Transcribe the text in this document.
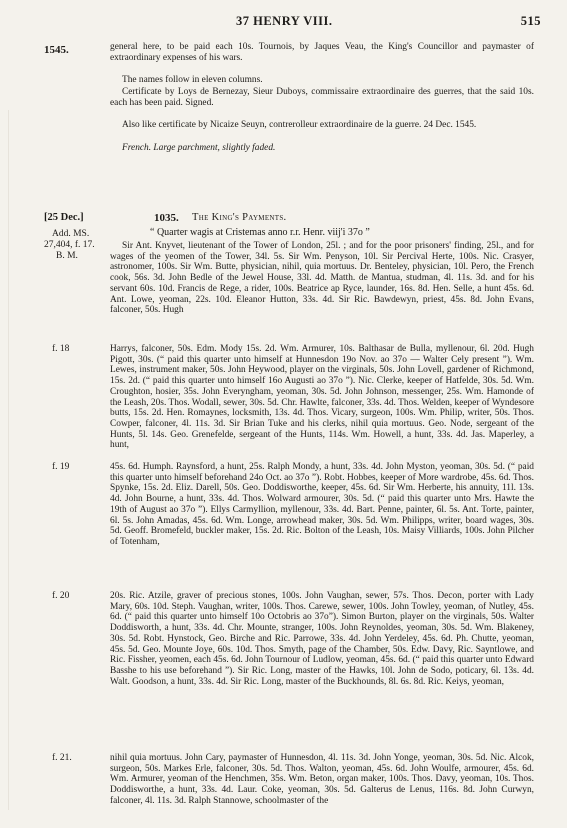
37 HENRY VIII.	515
1545.	general here, to be paid each 10s. Tournois, by Jaques Veau, the King's Councillor and paymaster of extraordinary expenses of his wars.
The names follow in eleven columns.
Certificate by Loys de Bernezay, Sieur Duboys, commissaire extraordinaire des guerres, that the said 10s. each has been paid. Signed.
Also like certificate by Nicaize Seuyn, contrerolleur extraordinaire de la guerre. 24 Dec. 1545.
French. Large parchment, slightly faded.
[25 Dec.]	1035. The King's Payments.
Add. MS.
27,404, f. 17.
B. M.
“ Quarter wagis at Cristemas anno r.r. Henr. viij'i 37o ”
Sir Ant. Knyvet, lieutenant of the Tower of London, 25l. ; and for the poor prisoners' finding, 25l., and for wages of the yeomen of the Tower, 34l. 5s. Sir Wm. Penyson, 10l. Sir Percival Herte, 100s. Nic. Crasyer, astronomer, 100s. Sir Wm. Butte, physician, nihil, quia mortuus. Dr. Benteley, physician, 10l. Pero, the French cook, 56s. 3d. John Bedle of the Jewel House, 33l. 4d. Matth. de Mantua, studman, 4l. 11s. 3d. and for his servant 60s. 10d. Francis de Rege, a rider, 100s. Beatrice ap Ryce, launder, 16s. 8d. Hen. Selle, a hunt 45s. 6d. Ant. Lowe, yeoman, 22s. 10d. Eleanor Hutton, 33s. 4d. Sir Ric. Bawdewyn, priest, 45s. 8d. John Evans, falconer, 50s. Hugh
f. 18	Harrys, falconer, 50s. Edm. Mody 15s. 2d. Wm. Armurer, 10s. Balthasar de Bulla, myllenour, 6l. 20d. Hugh Pigott, 30s. (“ paid this quarter unto himself at Hunnesdon 19o Nov. ao 37o — Walter Cely present ”). Wm. Lewes, instrument maker, 50s. John Heywood, player on the virginals, 50s. John Lovell, gardener of Richmond, 15s. 2d. (“ paid this quarter unto himself 16o Augusti ao 37o ”). Nic. Clerke, keeper of Hatfelde, 30s. 5d. Wm. Croughton, hosier, 35s. John Everyngham, yeoman, 30s. 5d. John Johnson, messenger, 25s. Wm. Hamonde of the Leash, 20s. Thos. Wodall, sewer, 30s. 5d. Chr. Hawlte, falconer, 33s. 4d. Thos. Welden, keeper of Wyndesore butts, 15s. 2d. Hen. Romaynes, locksmith, 13s. 4d. Thos. Vicary, surgeon, 100s. Wm. Philip, writer, 50s. Thos. Cowper, falconer, 4l. 11s. 3d. Sir Brian Tuke and his clerks, nihil quia mortuus. Geo. Node, sergeant of the Hunts, 5l. 14s. Geo. Grenefelde, sergeant of the Hunts, 114s. Wm. Howell, a hunt, 33s. 4d. Jas. Maperley, a hunt,
f. 19	45s. 6d. Humph. Raynsford, a hunt, 25s. Ralph Mondy, a hunt, 33s. 4d. John Myston, yeoman, 30s. 5d. (“ paid this quarter unto himself beforehand 24o Oct. ao 37o ”). Robt. Hobbes, keeper of More wardrobe, 45s. 6d. Thos. Spynke, 15s. 2d. Eliz. Darell, 50s. Geo. Doddisworthe, keeper, 45s. 6d. Sir Wm. Herberte, his annuity, 11l. 13s. 4d. John Bourne, a hunt, 33s. 4d. Thos. Wolward armourer, 30s. 5d. (“ paid this quarter unto Mrs. Hawte the 19th of August ao 37o ”). Ellys Carmyllion, myllenour, 33s. 4d. Bart. Penne, painter, 6l. 5s. Ant. Torte, painter, 6l. 5s. John Amadas, 45s. 6d. Wm. Longe, arrowhead maker, 30s. 5d. Wm. Philipps, writer, board wages, 30s. 5d. Geoff. Bromefeld, buckler maker, 15s. 2d. Ric. Bolton of the Leash, 10s. Maisy Villiards, 100s. John Pilcher of Totenham,
f. 20	20s. Ric. Atzile, graver of precious stones, 100s. John Vaughan, sewer, 57s. Thos. Decon, porter with Lady Mary, 60s. 10d. Steph. Vaughan, writer, 100s. Thos. Carewe, sewer, 100s. John Towley, yeoman, of Nutley, 45s. 6d. (“ paid this quarter unto himself 10o Octobris ao 37o”). Simon Burton, player on the virginals, 50s. Walter Doddisworth, a hunt, 33s. 4d. Chr. Mounte, stranger, 100s. John Reynoldes, yeoman, 30s. 5d. Wm. Blakeney, 30s. 5d. Robt. Hynstock, Geo. Birche and Ric. Parrowe, 33s. 4d. John Yerdeley, 45s. 6d. Ph. Chutte, yeoman, 45s. 5d. Geo. Mounte Joye, 60s. 10d. Thos. Smyth, page of the Chamber, 50s. Edw. Davy, Ric. Sayntlowe, and Ric. Fissher, yeomen, each 45s. 6d. John Tournour of Ludlow, yeoman, 45s. 6d. (“ paid this quarter unto Edward Basshe to his use beforehand ”). Sir Ric. Long, master of the Hawks, 10l. John de Sodo, poticary, 6l. 13s. 4d. Walt. Goodson, a hunt, 33s. 4d. Sir Ric. Long, master of the Buckhounds, 8l. 6s. 8d. Ric. Keiys, yeoman,
f. 21.	nihil quia mortuus. John Cary, paymaster of Hunnesdon, 4l. 11s. 3d. John Yonge, yeoman, 30s. 5d. Nic. Alcok, surgeon, 50s. Markes Erle, falconer, 30s. 5d. Thos. Walton, yeoman, 45s. 6d. John Woulfe, armourer, 45s. 6d. Wm. Armurer, yeoman of the Henchmen, 35s. Wm. Beton, organ maker, 100s. Thos. Davy, yeoman, 10s. Thos. Doddisworthe, a hunt, 33s. 4d. Laur. Coke, yeoman, 30s. 5d. Galterus de Lenus, 116s. 8d. John Curwyn, falconer, 4l. 11s. 3d. Ralph Stannowe, schoolmaster of the
